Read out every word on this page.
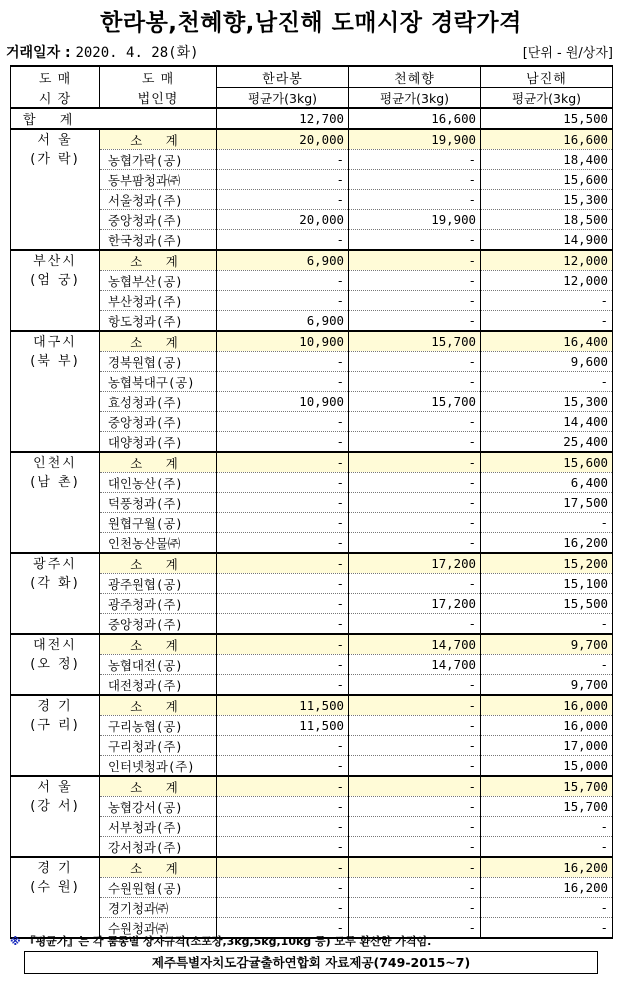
한라봉,천혜향,남진해 도매시장 경락가격
거래일자 : 2020. 4. 28(화)	[단위 - 원/상자]
도 매	도 매	한라봉	천혜향	남진해
시 장	법인명	평균가(3kg)	평균가(3kg)	평균가(3kg)
합 계		12,700	16,600	15,500

서 울
(가 락)	소 계	20,000	19,900	16,600
	농협가락(공)	-	-	18,400
	동부팜청과㈜	-	-	15,600
	서울청과(주)	-	-	15,300
	중앙청과(주)	20,000	19,900	18,500
	한국청과(주)	-	-	14,900

부산시
(엄 궁)	소 계	6,900	-	12,000
	농협부산(공)	-	-	12,000
	부산청과(주)	-	-	-
	항도청과(주)	6,900	-	-

대구시
(북 부)	소 계	10,900	15,700	16,400
	경북원협(공)	-	-	9,600
	농협북대구(공)	-	-	-
	효성청과(주)	10,900	15,700	15,300
	중앙청과(주)	-	-	14,400
	대양청과(주)	-	-	25,400

인천시
(남 촌)	소 계	-	-	15,600
	대인농산(주)	-	-	6,400
	덕풍청과(주)	-	-	17,500
	원협구월(공)	-	-	-
	인천농산물㈜	-	-	16,200

광주시
(각 화)	소 계	-	17,200	15,200
	광주원협(공)	-	-	15,100
	광주청과(주)	-	17,200	15,500
	중앙청과(주)	-	-	-

대전시
(오 정)	소 계	-	14,700	9,700
	농협대전(공)	-	14,700	-
	대전청과(주)	-	-	9,700

경 기
(구 리)	소 계	11,500	-	16,000
	구리농협(공)	11,500	-	16,000
	구리청과(주)	-	-	17,000
	인터넷청과(주)	-	-	15,000

서 울
(강 서)	소 계	-	-	15,700
	농협강서(공)	-	-	15,700
	서부청과(주)	-	-	-
	강서청과(주)	-	-	-

경 기
(수 원)	소 계	-	-	16,200
	수원원협(공)	-	-	16,200
	경기청과㈜	-	-	-
	수원청과㈜	-	-	-
※ 『평균가』는 각 품종별 상자규격(소포장,3kg,5kg,10kg 등) 모두 환산한 가격임.
제주특별자치도감귤출하연합회 자료제공(749-2015~7)
